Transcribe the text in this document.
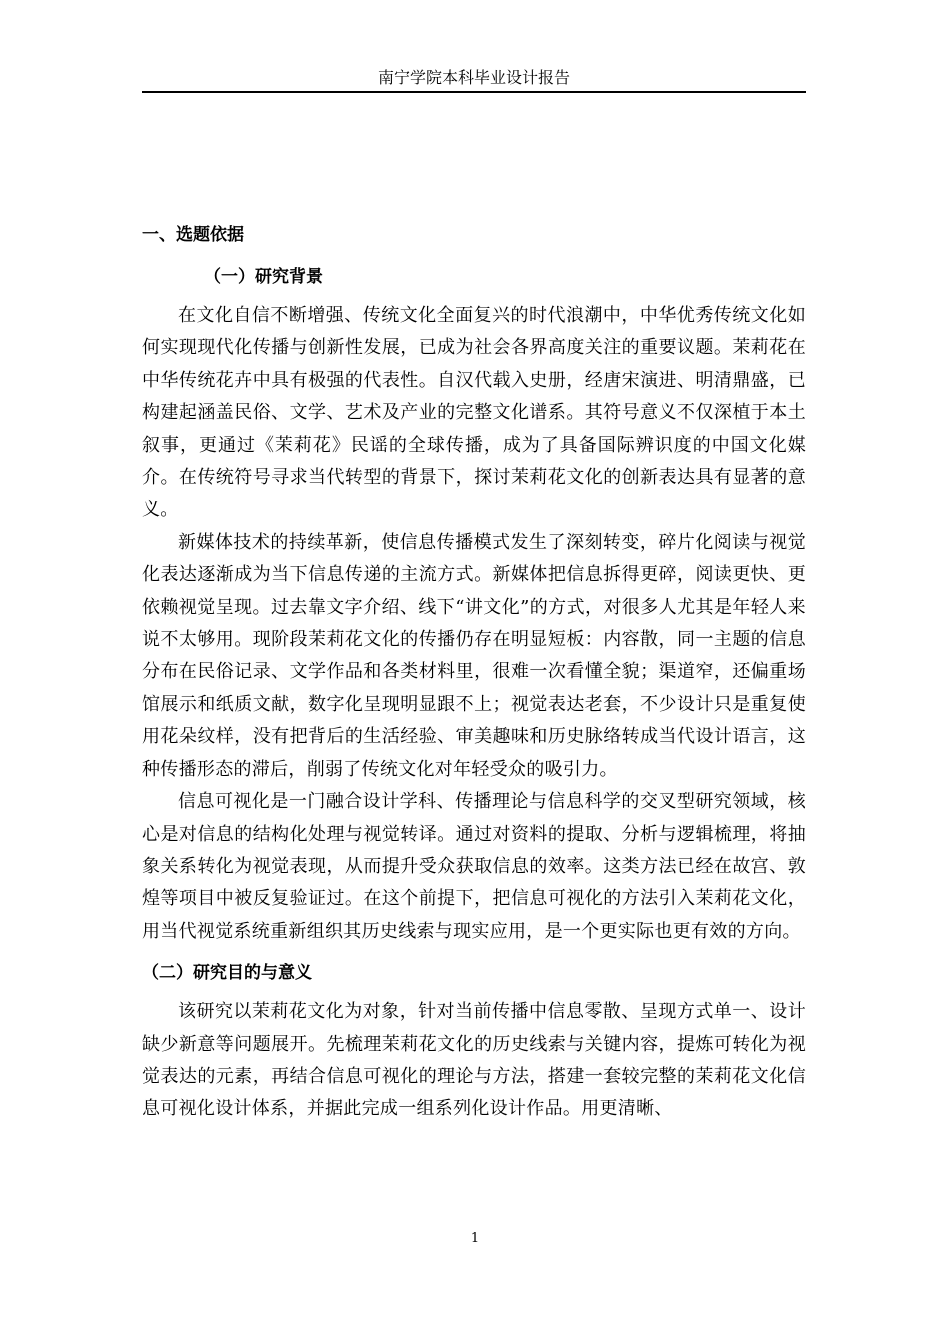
南宁学院本科毕业设计报告
一、选题依据
（一）研究背景

在文化自信不断增强、传统文化全面复兴的时代浪潮中，中华优秀传统文化如何实现现代化传播与创新性发展，已成为社会各界高度关注的重要议题。茉莉花在中华传统花卉中具有极强的代表性。自汉代载入史册，经唐宋演进、明清鼎盛，已构建起涵盖民俗、文学、艺术及产业的完整文化谱系。其符号意义不仅深植于本土叙事，更通过《茉莉花》民谣的全球传播，成为了具备国际辨识度的中国文化媒介。在传统符号寻求当代转型的背景下，探讨茉莉花文化的创新表达具有显著的意义。

新媒体技术的持续革新，使信息传播模式发生了深刻转变，碎片化阅读与视觉化表达逐渐成为当下信息传递的主流方式。新媒体把信息拆得更碎，阅读更快、更依赖视觉呈现。过去靠文字介绍、线下“讲文化”的方式，对很多人尤其是年轻人来说不太够用。现阶段茉莉花文化的传播仍存在明显短板：内容散，同一主题的信息分布在民俗记录、文学作品和各类材料里，很难一次看懂全貌；渠道窄，还偏重场馆展示和纸质文献，数字化呈现明显跟不上；视觉表达老套，不少设计只是重复使用花朵纹样，没有把背后的生活经验、审美趣味和历史脉络转成当代设计语言，这种传播形态的滞后，削弱了传统文化对年轻受众的吸引力。

信息可视化是一门融合设计学科、传播理论与信息科学的交叉型研究领域，核心是对信息的结构化处理与视觉转译。通过对资料的提取、分析与逻辑梳理，将抽象关系转化为视觉表现，从而提升受众获取信息的效率。这类方法已经在故宫、敦煌等项目中被反复验证过。在这个前提下，把信息可视化的方法引入茉莉花文化，用当代视觉系统重新组织其历史线索与现实应用，是一个更实际也更有效的方向。

（二）研究目的与意义

该研究以茉莉花文化为对象，针对当前传播中信息零散、呈现方式单一、设计缺少新意等问题展开。先梳理茉莉花文化的历史线索与关键内容，提炼可转化为视觉表达的元素，再结合信息可视化的理论与方法，搭建一套较完整的茉莉花文化信息可视化设计体系，并据此完成一组系列化设计作品。用更清晰、

1
